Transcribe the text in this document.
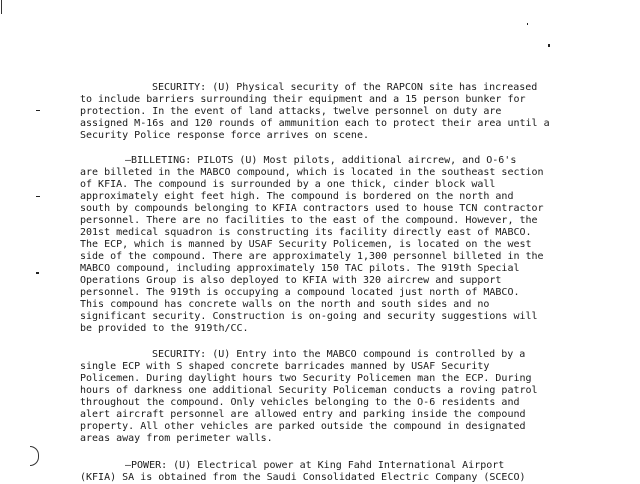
SECURITY: (U) Physical security of the RAPCON site has increased
to include barriers surrounding their equipment and a 15 person bunker for
protection. In the event of land attacks, twelve personnel on duty are
assigned M-16s and 120 rounds of ammunition each to protect their area until a
Security Police response force arrives on scene.
—BILLETING: PILOTS (U) Most pilots, additional aircrew, and O-6's
are billeted in the MABCO compound, which is located in the southeast section
of KFIA. The compound is surrounded by a one thick, cinder block wall
approximately eight feet high. The compound is bordered on the north and
south by compounds belonging to KFIA contractors used to house TCN contractor
personnel. There are no facilities to the east of the compound. However, the
201st medical squadron is constructing its facility directly east of MABCO.
The ECP, which is manned by USAF Security Policemen, is located on the west
side of the compound. There are approximately 1,300 personnel billeted in the
MABCO compound, including approximately 150 TAC pilots. The 919th Special
Operations Group is also deployed to KFIA with 320 aircrew and support
personnel. The 919th is occupying a compound located just north of MABCO.
This compound has concrete walls on the north and south sides and no
significant security. Construction is on-going and security suggestions will
be provided to the 919th/CC.
SECURITY: (U) Entry into the MABCO compound is controlled by a
single ECP with S shaped concrete barricades manned by USAF Security
Policemen. During daylight hours two Security Policemen man the ECP. During
hours of darkness one additional Security Policeman conducts a roving patrol
throughout the compound. Only vehicles belonging to the O-6 residents and
alert aircraft personnel are allowed entry and parking inside the compound
property. All other vehicles are parked outside the compound in designated
areas away from perimeter walls.
—POWER: (U) Electrical power at King Fahd International Airport
(KFIA) SA is obtained from the Saudi Consolidated Electric Company (SCECO)
